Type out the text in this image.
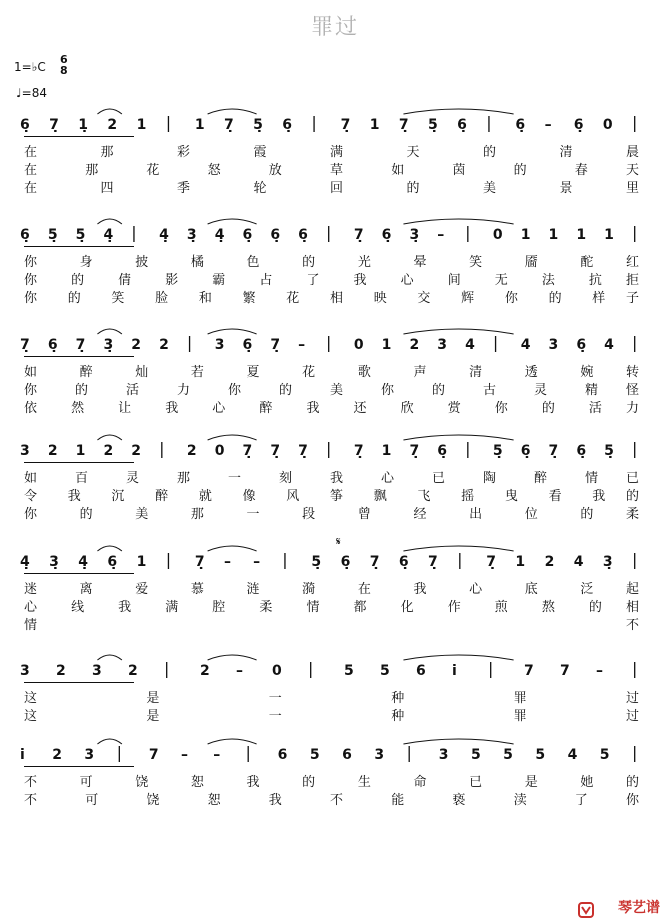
罪过
1=♭C
6
8
♩=84
6̣ 7̣ 1̣ 2 1 | 1 7̣ 5̣ 6̣ | 7̣ 1 7̣ 5̣ 6̣ | 6̣ – 6̣ 0 |
在	那	彩	霞	满	天	的	清	晨
在	那	花	怒	放	草	如	茵	的	春	天
在	四	季	轮	回	的	美	景	里
6̣ 5̣ 5̣ 4̣ | 4̣ 3̣ 4̣ 6̣ 6̣ 6̣ | 7̣ 6̣ 3̣ – | 0 1 1 1 1 |
你	身	披	橘	色	的	光	晕	笑	靥	酡	红
你	的	倩	影	霸	占	了	我	心	间	无	法	抗 拒
你 的 笑 脸 和 繁 花 相 映 交 辉 你 的 样 子
7̣ 6̣ 7̣ 3̣ 2 2 | 3 6̣ 7̣ – | 0 1 2 3 4 | 4 3 6̣ 4 |
如	醉	灿	若	夏	花	歌	声	清	透	婉	转
你	的	活	力	你	的	美	你	的	古	灵	精 怪
依	然	让	我	心	醉	我	还	欣	赏	你	的	活 力
3 2 1 2 2 | 2 0 7̣ 7̣ 7̣ | 7̣ 1 7̣ 6̣ | 5̣ 6̣ 7̣ 6̣ 5̣ |
如	百	灵	那	一	刻	我	心	已	陶	醉	情 已
令 我 沉 醉 就 像 风 筝 飘 飞 摇 曳 看 我 的
你	的	美	那	一	段	曾	经	出	位	的	柔
4̣ 3̣ 4̣ 6̣ 1 | 7̣ – – | 5̣ 6̣ 7̣ 6̣ 7̣ | 7̣ 1 2 4 3̣ |
𝄋
迷	离	爱	慕	涟	漪	在	我	心	底	泛	起
心	线	我	满	腔	柔	情	都	化	作	煎	熬	的 相
情	不
3 2 3 2 | 2 – 0 | 5 5 6 i | 7 7 – |
这	是	一	种	罪	过
这	是	一	种	罪	过
i 2 3 | 7 – – | 6 5 6 3 | 3 5 5 5 4 5 |
不	可	饶	恕	我	的	生	命	已	是	她	的
不	可	饶	恕	我	不	能	亵	渎	了	你
琴艺谱
